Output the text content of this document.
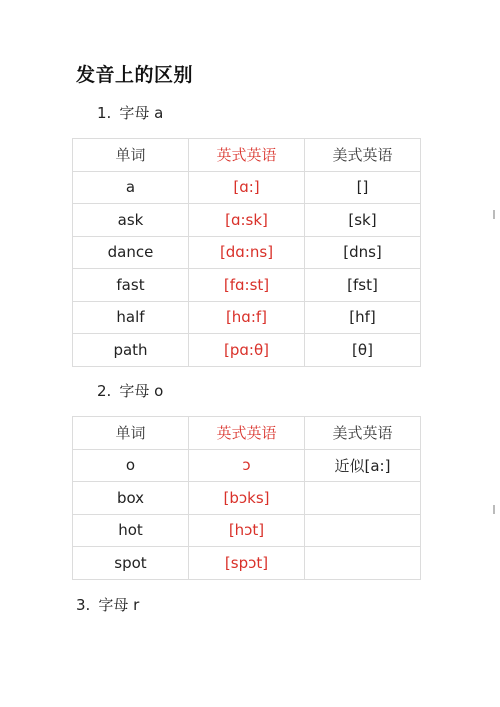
发音上的区别
1. 字母 a
单词	英式英语	美式英语
a	[ɑ:]	[]
ask	[ɑ:sk]	[sk]
dance	[dɑ:ns]	[dns]
fast	[fɑ:st]	[fst]
half	[hɑ:f]	[hf]
path	[pɑ:θ]	[θ]
2. 字母 o
单词	英式英语	美式英语
o	ɔ	近似[a:]
box	[bɔks]	
hot	[hɔt]	
spot	[spɔt]	
3. 字母 r
